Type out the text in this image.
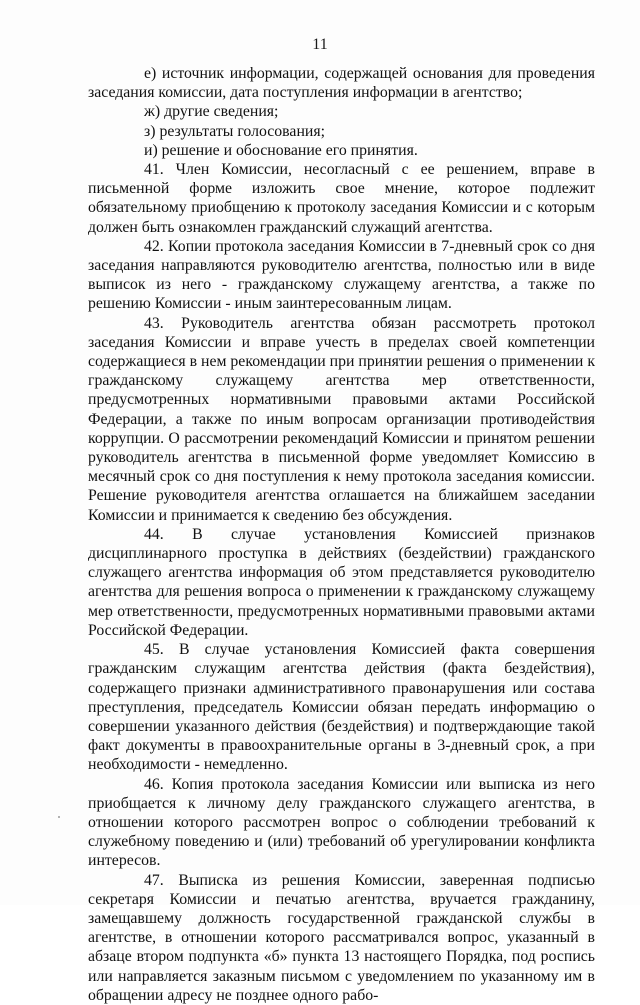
11

е) источник информации, содержащей основания для проведения заседания комиссии, дата поступления информации в агентство;

ж) другие сведения;

з) результаты голосования;

и) решение и обоснование его принятия.

41. Член Комиссии, несогласный с ее решением, вправе в письменной форме изложить свое мнение, которое подлежит обязательному приобщению к протоколу заседания Комиссии и с которым должен быть ознакомлен гражданский служащий агентства.

42. Копии протокола заседания Комиссии в 7-дневный срок со дня заседания направляются руководителю агентства, полностью или в виде выписок из него - гражданскому служащему агентства, а также по решению Комиссии - иным заинтересованным лицам.

43. Руководитель агентства обязан рассмотреть протокол заседания Комиссии и вправе учесть в пределах своей компетенции содержащиеся в нем рекомендации при принятии решения о применении к гражданскому служащему агентства мер ответственности, предусмотренных нормативными правовыми актами Российской Федерации, а также по иным вопросам организации противодействия коррупции. О рассмотрении рекомендаций Комиссии и принятом решении руководитель агентства в письменной форме уведомляет Комиссию в месячный срок со дня поступления к нему протокола заседания комиссии. Решение руководителя агентства оглашается на ближайшем заседании Комиссии и принимается к сведению без обсуждения.

44. В случае установления Комиссией признаков дисциплинарного проступка в действиях (бездействии) гражданского служащего агентства информация об этом представляется руководителю агентства для решения вопроса о применении к гражданскому служащему мер ответственности, предусмотренных нормативными правовыми актами Российской Федерации.

45. В случае установления Комиссией факта совершения гражданским служащим агентства действия (факта бездействия), содержащего признаки административного правонарушения или состава преступления, председатель Комиссии обязан передать информацию о совершении указанного действия (бездействия) и подтверждающие такой факт документы в правоохранительные органы в 3-дневный срок, а при необходимости - немедленно.

46. Копия протокола заседания Комиссии или выписка из него приобщается к личному делу гражданского служащего агентства, в отношении которого рассмотрен вопрос о соблюдении требований к служебному поведению и (или) требований об урегулировании конфликта интересов.

47. Выписка из решения Комиссии, заверенная подписью секретаря Комиссии и печатью агентства, вручается гражданину, замещавшему должность государственной гражданской службы в агентстве, в отношении которого рассматривался вопрос, указанный в абзаце втором подпункта «б» пункта 13 настоящего Порядка, под роспись или направляется заказным письмом с уведомлением по указанному им в обращении адресу не позднее одного рабо-
